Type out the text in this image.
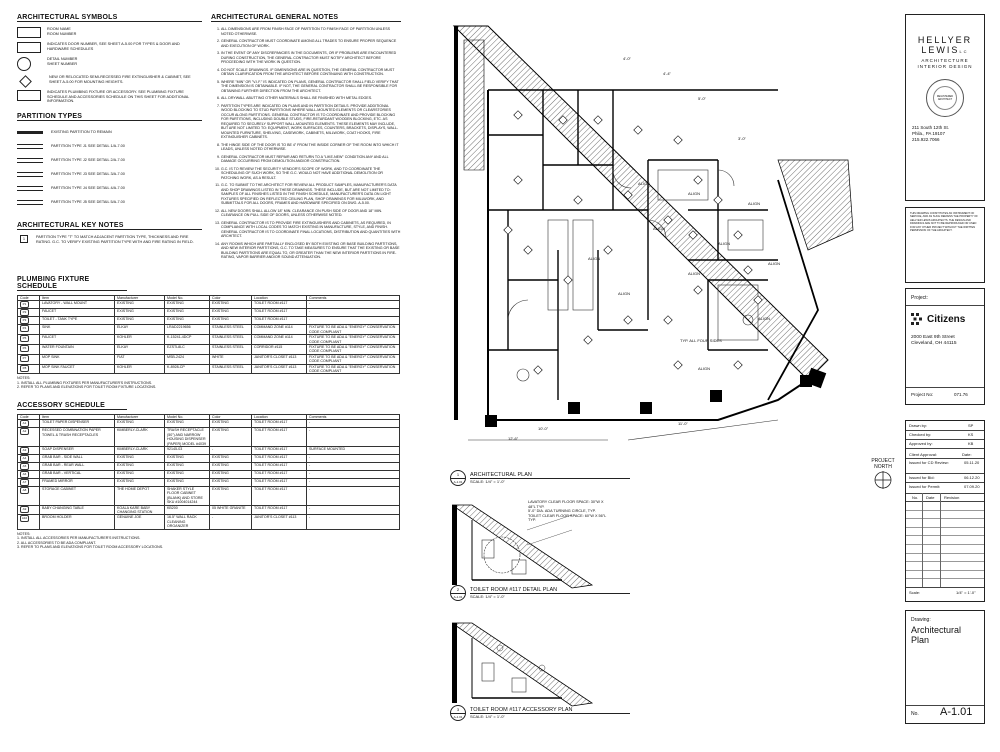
ARCHITECTURAL SYMBOLS
ROOM NAME
ROOM NUMBER
INDICATES DOOR NUMBER, SEE SHEET A-5.00 FOR TYPES & DOOR AND HARDWARE SCHEDULES
DETAIL NUMBER
SHEET NUMBER
NEW OR RELOCATED SEMI-RECESSED FIRE EXTINGUISHER & CABINET, SEE SHEET A-5.00 FOR MOUNTING HEIGHTS.
INDICATES PLUMBING FIXTURE OR ACCESSORY. SEE PLUMBING FIXTURE SCHEDULE AND ACCESSORIES SCHEDULE ON THIS SHEET FOR ADDITIONAL INFORMATION.
PARTITION TYPES
EXISTING PARTITION TO REMAIN
PARTITION TYPE J1 SEE DETAIL 1/A-7.00
PARTITION TYPE J2 SEE DETAIL 2/A-7.00
PARTITION TYPE J3 SEE DETAIL 3/A-7.00
PARTITION TYPE J4 SEE DETAIL 4/A-7.00
PARTITION TYPE J5 SEE DETAIL 5/A-7.00
ARCHITECTURAL KEY NOTES
1	PARTITION TYPE "T" TO MATCH ADJACENT PARTITION TYPE, THICKNESS AND FIRE RATING. G.C. TO VERIFY EXISTING PARTITION TYPE WITH AND FIRE RATING IN FIELD.
PLUMBING FIXTURE SCHEDULE
Code	Item	Manufacturer	Model No.	Color	Location	Comments
P1	LAVATORY - WALL MOUNT	EXISTING	EXISTING	EXISTING	TOILET ROOM #117	-
P2	FAUCET	EXISTING	EXISTING	EXISTING	TOILET ROOM #117	-
P3	TOILET - TANK TYPE	EXISTING	EXISTING	EXISTING	TOILET ROOM #117	-
P4	SINK	ELKAY	LRAD2219656	STAINLESS STEEL	COMMAND ZONE #114	FIXTURE TO BE ADA & "ENERGY" CONSERVATION CODE COMPLIANT
P5	FAUCET	KOHLER	K-15241-4DCP	STAINLESS STEEL	COMMAND ZONE #114	FIXTURE TO BE ADA & "ENERGY" CONSERVATION CODE COMPLIANT
P6	WATER FOUNTAIN	ELKAY	EZSTL8LC	STAINLESS STEEL	CORRIDOR #115	FIXTURE TO BE ADA & "ENERGY" CONSERVATION CODE COMPLIANT
P7	MOP SINK	FIAT	MSB-2424	WHITE	JANITOR'S CLOSET #113	FIXTURE TO BE ADA & "ENERGY" CONSERVATION CODE COMPLIANT
P8	MOP SINK FAUCET	KOHLER	K-8928-CP	STAINLESS STEEL	JANITOR'S CLOSET #113	FIXTURE TO BE ADA & "ENERGY" CONSERVATION CODE COMPLIANT
NOTES:
1. INSTALL ALL PLUMBING FIXTURES PER MANUFACTURER'S INSTRUCTIONS.
2. REFER TO PLANS AND ELEVATIONS FOR TOILET ROOM FIXTURE LOCATIONS.
ACCESSORY SCHEDULE
Code	Item	Manufacturer	Model No.	Color	Location	Comments
A1	TOILET PAPER DISPENSER	EXISTING	EXISTING	EXISTING	TOILET ROOM #117	-
A2	RECESSED COMBINATION PAPER TOWEL & TRASH RECEPTACLES	KIMBERLY-CLARK	TRASH RECEPTACLE (50") AND NARROW HOUSING DISPENSER (PAPER) MODEL #4039	EXISTING	TOILET ROOM #117	-
A3	SOAP DISPENSER	KIMBERLY-CLARK	92145-03	-	TOILET ROOM #117	SURFACE MOUNTED
A4	GRAB BAR - SIDE WALL	EXISTING	EXISTING	EXISTING	TOILET ROOM #117	-
A5	GRAB BAR - REAR WALL	EXISTING	EXISTING	EXISTING	TOILET ROOM #117	-
A6	GRAB BAR - VERTICAL	EXISTING	EXISTING	EXISTING	TOILET ROOM #117	-
A7	FRAMED MIRROR	EXISTING	EXISTING	EXISTING	TOILET ROOM #117	-
A8	STORAGE CABINET	THE HOME DEPOT	SHAKER STYLE FLOOR CABINET (BLANK) AND STORE SKU #1004014244	EXISTING	TOILET ROOM #117	-
A9	BABY CHANGING TABLE	KOALA KARE BABY CHANGING STATION	KB200	05 WHITE GRANITE	TOILET ROOM #117	-
A10	BROOM HOLDER	GENUINE JOE	16.5" WALL RACK CLEANING ORGANIZER	-	JANITOR'S CLOSET #113	-
NOTES:
1. INSTALL ALL ACCESSORIES PER MANUFACTURER'S INSTRUCTIONS.
2. ALL ACCESSORIES TO BE ADA COMPLIANT.
3. REFER TO PLANS AND ELEVATIONS FOR TOILET ROOM ACCESSORY LOCATIONS.
ARCHITECTURAL GENERAL NOTES
1. ALL DIMENSIONS ARE FROM FINISH FACE OF PARTITION TO FINISH FACE OF PARTITION UNLESS NOTED OTHERWISE.
2. GENERAL CONTRACTOR MUST COORDINATE AMONG ALL TRADES TO ENSURE PROPER SEQUENCE AND EXECUTION OF WORK.
3. IN THE EVENT OF ANY DISCREPANCIES IN THE DOCUMENTS, OR IF PROBLEMS ARE ENCOUNTERED DURING CONSTRUCTION, THE GENERAL CONTRACTOR MUST NOTIFY ARCHITECT BEFORE PROCEEDING WITH THE WORK IN QUESTION.
4. DO NOT SCALE DRAWINGS. IF DIMENSIONS ARE IN QUESTION, THE GENERAL CONTRACTOR MUST OBTAIN CLARIFICATION FROM THE ARCHITECT BEFORE CONTINUING WITH CONSTRUCTION.
5. WHERE "MIN" OR "V.I.F." IS INDICATED ON PLANS, GENERAL CONTRACTOR SHALL FIELD VERIFY THAT THE DIMENSION IS OBTAINABLE. IF NOT, THE GENERAL CONTRACTOR SHALL BE RESPONSIBLE FOR OBTAINING FURTHER DIRECTION FROM THE ARCHITECT.
6. ALL DRYWALL ABUTTING OTHER MATERIALS SHALL BE FINISHED WITH METAL EDGES.
7. PARTITION TYPES ARE INDICATED ON PLANS AND IN PARTITION DETAILS. PROVIDE ADDITIONAL WOOD BLOCKING TO STUD PARTITIONS WHERE WALL-MOUNTED ELEMENTS OR CLEARSTORIES OCCUR ALONG PARTITIONS. GENERAL CONTRACTOR IS TO COORDINATE AND PROVIDE BLOCKING FOR PARTITIONS, INCLUDING DOUBLE STUDS, FIRE-RETARDANT WOODEN BLOCKING, ETC. AS REQUIRED TO SECURELY SUPPORT WALL-MOUNTED ELEMENTS. THESE ELEMENTS MAY INCLUDE, BUT ARE NOT LIMITED TO: EQUIPMENT, WORK SURFACES, COUNTERS, BRACKETS, DISPLAYS, WALL-MOUNTED FURNITURE, SHELVING, CASEWORK, CABINETS, MILLWORK, COAT HOOKS, FIRE EXTINGUISHER CABINETS.
8. THE HINGE SIDE OF THE DOOR IS TO BE 4" FROM THE INSIDE CORNER OF THE ROOM INTO WHICH IT LEADS, UNLESS NOTED OTHERWISE.
9. GENERAL CONTRACTOR MUST REPAIR AND RETURN TO A "LIKE-NEW" CONDITION ANY AND ALL DAMAGE OCCURRING FROM DEMOLITION AND/OR CONSTRUCTION.
10. G.C. IS TO REVIEW THE SECURITY VENDOR'S SCOPE OF WORK, AND TO COORDINATE THE SCHEDULING OF SUCH WORK, SO THE G.C. WOULD NOT HAVE ADDITIONAL DEMOLITION OR PATCHING WORK, AS A RESULT.
11. G.C. TO SUBMIT TO THE ARCHITECT FOR REVIEW ALL PRODUCT SAMPLES, MANUFACTURER'S DATA AND SHOP DRAWINGS LISTED IN THESE DRAWINGS. THESE INCLUDE, BUT ARE NOT LIMITED TO: SAMPLES OF ALL FINISHES LISTED IN THE FINISH SCHEDULE, MANUFACTURER'S DATA ON LIGHT FIXTURES SPECIFIED ON REFLECTED CEILING PLAN, SHOP DRAWINGS FOR MILLWORK, AND SUBMITTALS FOR ALL DOORS, FRAMES AND HARDWARE SPECIFIED ON DWG. A-5.00.
12. ALL NEW DOORS SHALL ALLOW 18" MIN. CLEARANCE ON PUSH SIDE OF DOOR AND 18" MIN. CLEARANCE ON PULL SIDE OF DOORS, UNLESS OTHERWISE NOTED.
13. GENERAL CONTRACTOR IS TO PROVIDE FIRE EXTINGUISHERS AND CABINETS, AS REQUIRED, IN COMPLIANCE WITH LOCAL CODES TO MATCH EXISTING IN MANUFACTURE, STYLE, AND FINISH. GENERAL CONTRACTOR IS TO COORDINATE FINAL LOCATIONS, DISTRIBUTION AND QUANTITIES WITH ARCHITECT.
14. ANY ROOMS WHICH ARE PARTIALLY ENCLOSED BY BOTH EXISTING OR BASE BUILDING PARTITIONS, AND NEW INTERIOR PARTITIONS, G.C. TO TAKE MEASURES TO ENSURE THAT THE EXISTING OR BASE BUILDING PARTITIONS ARE EQUAL TO, OR GREATER THAN THE NEW INTERIOR PARTITIONS IN FIRE-RATING, VAPOR BARRIER AND/OR SOUND ATTENUATION.
TYP. ALL FOUR SIDES
ALIGN
ALIGN
ALIGN
ALIGN
ALIGN
ALIGN
ALIGN
ALIGN
ALIGN
ALIGN
ALIGN
10'-0"
4'-0"
4'-4"
5'-0"
3'-0"
12'-6"
11'-0"
1
A-1.01
ARCHITECTURAL PLAN
SCALE: 1/4" = 1'-0"
PROJECT
NORTH
LAVATORY CLEAR FLOOR SPACE: 30"W X 48"L TYP.
5'-0" DIA. ADA TURNING CIRCLE, TYP.
TOILET CLEAR FLOOR SPACE: 60"W X 56"L TYP.
2
A-1.01
TOILET ROOM #117 DETAIL PLAN
SCALE: 1/4" = 1'-0"
3
A-1.01
TOILET ROOM #117 ACCESSORY PLAN
SCALE: 1/4" = 1'-0"
HELLYER
LEWISLC
ARCHITECTURE
INTERIOR DESIGN
REGISTERED ARCHITECT
211 South 12th St.
Phila., PA 19107
215.922.7066
THIS DRAWING CONSTITUTES AN INSTRUMENT OF SERVICE, AND AS SUCH REMAINS THE PROPERTY OF HELLYER LEWIS ARCHITECTS. THE DESIGN AND DRAWINGS ARE NOT TO BE REPRODUCED OR USED FOR ANY OTHER PROJECT WITHOUT THE WRITTEN PERMISSION OF THE ARCHITECT.
Project:
Citizens
2000 East 9th Street
Cleveland, OH 44115
Project No:	071.76
Drawn by:	SP
Checked by:	KS
Approved by:	KB
Client Approval:	Date:
Issued for CD Review:	05.11.20
Issued for Bid:	06.12.20
Issued for Permit:	07.09.20
No. Date Revision
Scale:	1/4" = 1'-0"
Drawing:
Architectural
Plan
No. A-1.01
